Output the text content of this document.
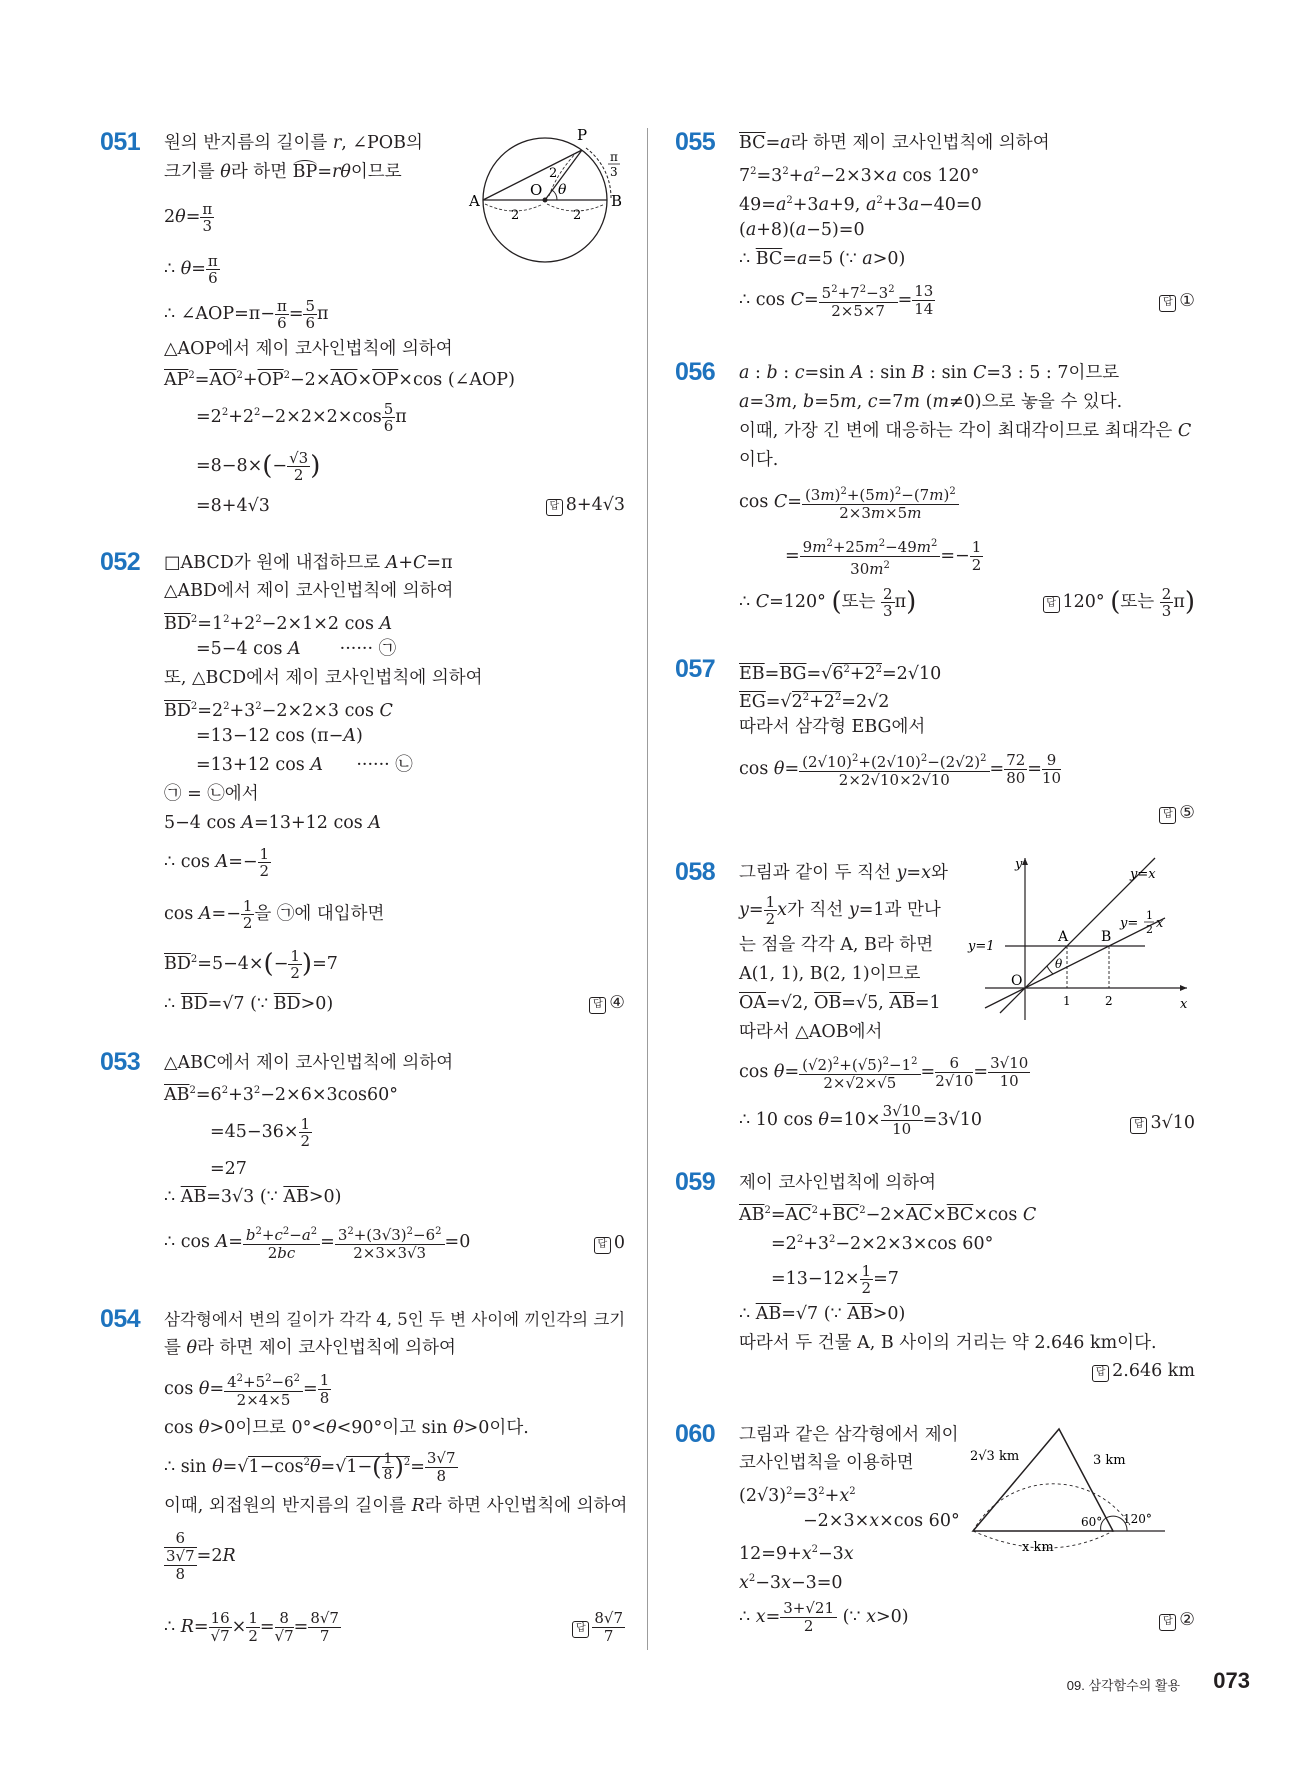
051 원의 반지름의 길이를 r, ∠POB의
크기를 θ라 하면 BP=rθ이므로
$2\theta= \frac{\pi}{3}$
∴ $\theta= \frac{\pi}{6}$
∴ ∠AOP=π− $\frac{\pi}{6} = \frac{5}{6}$ π
△AOP에서 제이 코사인법칙에 의하여
$\overline{AP}^2=\overline{AO}^2+\overline{OP}^2-2\times\overline{AO}\times\overline{OP}\times\cos$ (∠AOP)
$=2^2+2^2-2\times 2\times 2\times\cos \frac{5}{6}$ π
$=8-8\times(- \frac{√3}{2}$ )
=8+4√3	답 8+4√3
A	B
O
P
θ
2	2
2
π
3
052 □ABCD가 원에 내접하므로 A+C=π
△ABD에서 제이 코사인법칙에 의하여
$\overline{BD}^2=1^2+2^2-2\times 1\times 2$ cos A
=5−4 cos A       ······ ㉠
또, △BCD에서 제이 코사인법칙에 의하여
$\overline{BD}^2=2^2+3^2-2\times 2\times 3$ cos C
=13−12 cos (π−A)
=13+12 cos A      ······ ㉡
㉠ = ㉡에서
5−4 cos A=13+12 cos A
∴ $\cos A=- \frac{1}{2}$
$\cos A=- \frac{1}{2}$ 을 ㉠에 대입하면
$\overline{BD}^2=5-4\times(- \frac{1}{2} )=7$
∴ $\overline{BD}=√7$ (∵ $\overline{BD}>0$)	답 ④
053 △ABC에서 제이 코사인법칙에 의하여
$\overline{AB}^2=6^2+3^2-2\times 6\times 3\cos 60^\circ$
$=45-36\times \frac{1}{2}$
=27
∴ $\overline{AB}=3√3$ (∵ $\overline{AB}>0$)
∴ $\cos A= \frac{b^2+c^2-a^2}{2bc} = \frac{3^2+(3√3)^2-6^2}{2\times 3\times 3√3} =0$	답 0
054 삼각형에서 변의 길이가 각각 4, 5인 두 변 사이에 끼인각의 크기
를 θ라 하면 제이 코사인법칙에 의하여
$\cos \theta= \frac{4^2+5^2-6^2}{2\times 4\times 5} = \frac{1}{8}$
cos θ>0이므로 0°<θ<90°이고 sin θ>0이다.
∴ $\sin \theta=√1-\cos^2\theta=√1-( \frac{1}{8} )^2= \frac{3√7}{8}$
이때, 외접원의 반지름의 길이를 R라 하면 사인법칙에 의하여
$\frac{6}{\frac{3√7}{8}} =2R$
∴ $R= \frac{16}{√7} \times \frac{1}{2} = \frac{8}{√7} = \frac{8√7}{7}$	답 $\frac{8√7}{7}$
055 $\overline{BC}=a$라 하면 제이 코사인법칙에 의하여
$7^2=3^2+a^2-2\times 3\times a$ cos 120°
$49=a^2+3a+9$, $a^2+3a-40=0$
(a+8)(a−5)=0
∴ $\overline{BC}=a=5$ (∵ a>0)
∴ $\cos C= \frac{5^2+7^2-3^2}{2\times 5\times 7} = \frac{13}{14}$	답 ①
056 a : b : c=sin A : sin B : sin C=3 : 5 : 7이므로
a=3m, b=5m, c=7m (m≠0)으로 놓을 수 있다.
이때, 가장 긴 변에 대응하는 각이 최대각이므로 최대각은 C
이다.
$\cos C= \frac{(3m)^2+(5m)^2-(7m)^2}{2\times 3m\times 5m}$
= $\frac{9m^2+25m^2-49m^2}{30m^2} =- \frac{1}{2}$
∴ C=120° (또는 $\frac{2}{3} \pi$)	답 120° (또는 $\frac{2}{3} \pi$)
057 $\overline{EB}=\overline{BG}=√6^2+2^2=2√10$
$\overline{EG}=√2^2+2^2=2√2$
따라서 삼각형 EBG에서
$\cos \theta= \frac{(2√10)^2+(2√10)^2-(2√2)^2}{2\times 2√10\times 2√10} = \frac{72}{80} = \frac{9}{10}$
답 ⑤
058 그림과 같이 두 직선 y=x와
$y= \frac{1}{2}$ x가 직선 y=1과 만나
는 점을 각각 A, B라 하면
A(1, 1), B(2, 1)이므로
$\overline{OA}=√2$, $\overline{OB}=√5$, $\overline{AB}=1$
따라서 △AOB에서
$\cos \theta= \frac{(√2)^2+(√5)^2-1^2}{2\times√2\times√5} = \frac{6}{2√10} = \frac{3√10}{10}$
∴ 10 $\cos \theta=10\times \frac{3√10}{10} =3√10$	답 3√10
y
x
O
A B
1	2
θ
y=x
y=
1
2 x
y=1
059 제이 코사인법칙에 의하여
$\overline{AB}^2=\overline{AC}^2+\overline{BC}^2-2\times\overline{AC}\times\overline{BC}\times\cos$ C
$=2^2+3^2-2\times 2\times 3\times\cos$ 60°
$=13-12\times \frac{1}{2} =7$
∴ $\overline{AB}=√7$ (∵ $\overline{AB}>0$)
따라서 두 건물 A, B 사이의 거리는 약 2.646 km이다.
답 2.646 km
060 그림과 같은 삼각형에서 제이
코사인법칙을 이용하면
$(2√3)^2=3^2+x^2$
−2×3×x×cos 60°
$12=9+x^2-3x$
$x^2-3x-3=0$
∴ $x= \frac{3+√21}{2}$ (∵ x>0)	답 ②
2√3 km	3 km
x km
60° 120°
09. 삼각함수의 활용 073
